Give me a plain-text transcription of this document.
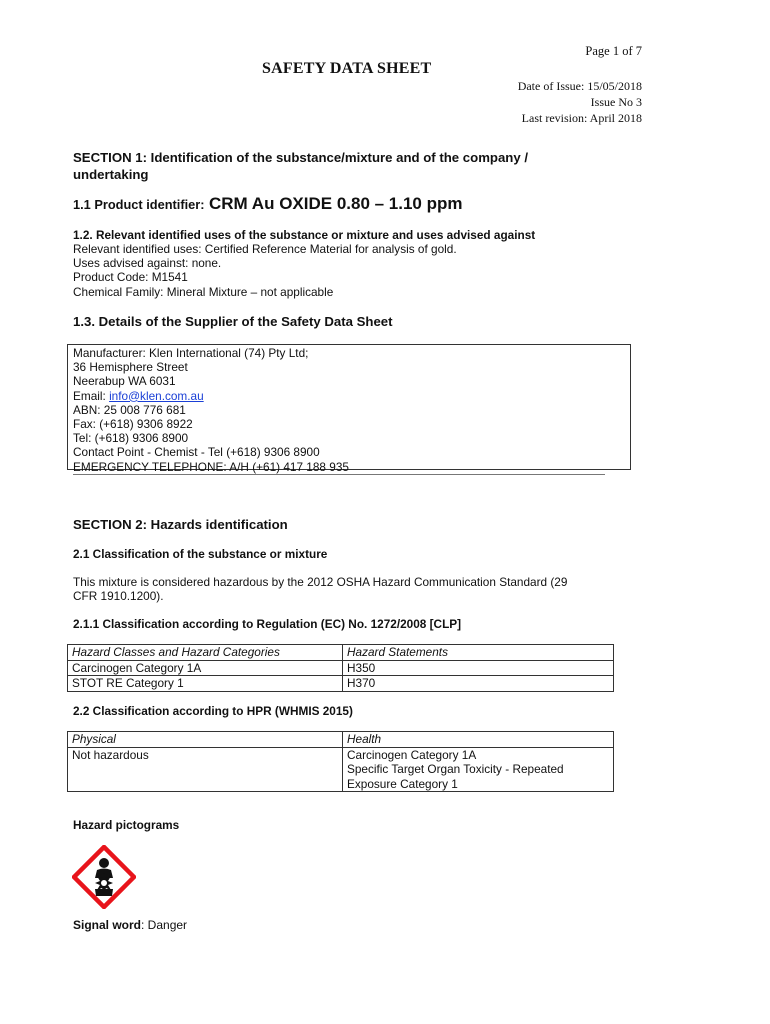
Page 1 of 7
SAFETY DATA SHEET
Date of Issue: 15/05/2018
Issue No 3
Last revision: April 2018
SECTION 1: Identification of the substance/mixture and of the company /
undertaking
1.1 Product identifier: CRM Au OXIDE 0.80 – 1.10 ppm
1.2. Relevant identified uses of the substance or mixture and uses advised against
Relevant identified uses: Certified Reference Material for analysis of gold.
Uses advised against: none.
Product Code: M1541
Chemical Family: Mineral Mixture – not applicable
1.3. Details of the Supplier of the Safety Data Sheet
Manufacturer: Klen International (74) Pty Ltd;
36 Hemisphere Street
Neerabup WA 6031
Email: info@klen.com.au
ABN: 25 008 776 681
Fax: (+618) 9306 8922
Tel: (+618) 9306 8900
Contact Point - Chemist - Tel (+618) 9306 8900
EMERGENCY TELEPHONE: A/H (+61) 417 188 935
SECTION 2: Hazards identification
2.1 Classification of the substance or mixture
This mixture is considered hazardous by the 2012 OSHA Hazard Communication Standard (29
CFR 1910.1200).
2.1.1 Classification according to Regulation (EC) No. 1272/2008 [CLP]
Hazard Classes and Hazard Categories	Hazard Statements
Carcinogen Category 1A	H350
STOT RE Category 1	H370
2.2 Classification according to HPR (WHMIS 2015)
Physical	Health
Not hazardous	Carcinogen Category 1A
Specific Target Organ Toxicity - Repeated
Exposure Category 1
Hazard pictograms
Signal word: Danger
